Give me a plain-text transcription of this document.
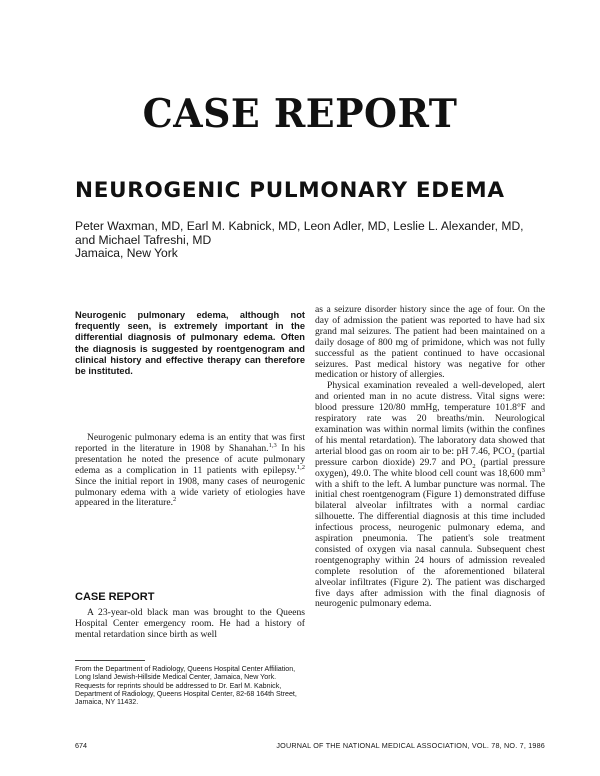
CASE REPORT
NEUROGENIC PULMONARY EDEMA
Peter Waxman, MD, Earl M. Kabnick, MD, Leon Adler, MD, Leslie L. Alexander, MD, and Michael Tafreshi, MD
Jamaica, New York

Neurogenic pulmonary edema, although not frequently seen, is extremely important in the differential diagnosis of pulmonary edema. Often the diagnosis is suggested by roentgenogram and clinical history and effective therapy can therefore be instituted.

Neurogenic pulmonary edema is an entity that was first reported in the literature in 1908 by Shanahan.$^{1,3}$ In his presentation he noted the presence of acute pulmonary edema as a complication in 11 patients with epilepsy.$^{1,2}$ Since the initial report in 1908, many cases of neurogenic pulmonary edema with a wide variety of etiologies have appeared in the literature.$^2$

CASE REPORT

A 23-year-old black man was brought to the Queens Hospital Center emergency room. He had a history of mental retardation since birth as well

From the Department of Radiology, Queens Hospital Center Affiliation, Long Island Jewish-Hillside Medical Center, Jamaica, New York. Requests for reprints should be addressed to Dr. Earl M. Kabnick, Department of Radiology, Queens Hospital Center, 82-68 164th Street, Jamaica, NY 11432.

as a seizure disorder history since the age of four. On the day of admission the patient was reported to have had six grand mal seizures. The patient had been maintained on a daily dosage of 800 mg of primidone, which was not fully successful as the patient continued to have occasional seizures. Past medical history was negative for other medication or history of allergies.

Physical examination revealed a well-developed, alert and oriented man in no acute distress. Vital signs were: blood pressure 120/80 mmHg, temperature 101.8°F and respiratory rate was 20 breaths/min. Neurological examination was within normal limits (within the confines of his mental retardation). The laboratory data showed that arterial blood gas on room air to be: pH 7.46, $PCO_2$ (partial pressure carbon dioxide) 29.7 and $PO_2$ (partial pressure oxygen), 49.0. The white blood cell count was 18,600 $mm^3$ with a shift to the left. A lumbar puncture was normal. The initial chest roentgenogram (Figure 1) demonstrated diffuse bilateral alveolar infiltrates with a normal cardiac silhouette. The differential diagnosis at this time included infectious process, neurogenic pulmonary edema, and aspiration pneumonia. The patient's sole treatment consisted of oxygen via nasal cannula. Subsequent chest roentgenography within 24 hours of admission revealed complete resolution of the aforementioned bilateral alveolar infiltrates (Figure 2). The patient was discharged five days after admission with the final diagnosis of neurogenic pulmonary edema.

674	JOURNAL OF THE NATIONAL MEDICAL ASSOCIATION, VOL. 78, NO. 7, 1986
